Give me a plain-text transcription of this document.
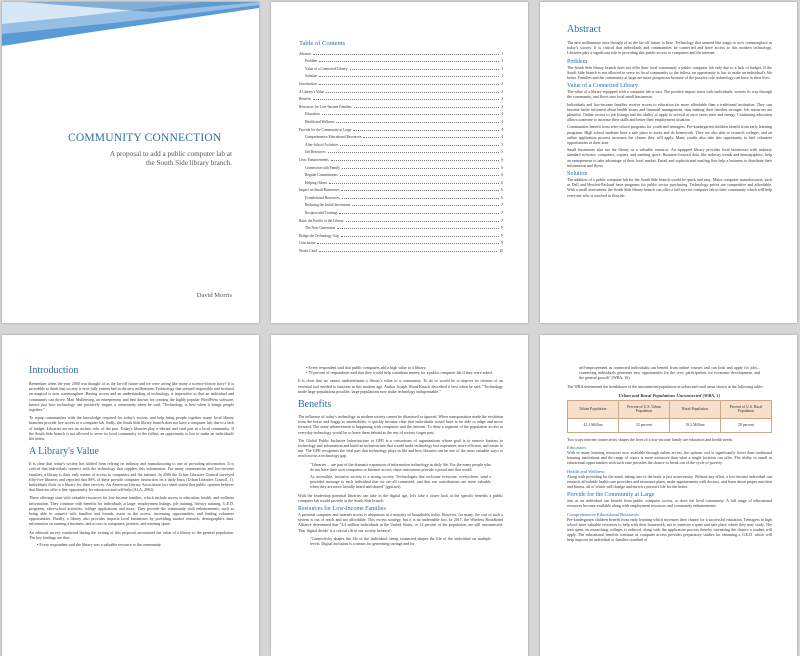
COMMUNITY CONNECTION
A proposal to add a public computer lab at
the South Side library branch.
David Morris
Table of Contents
Abstract	1
Problem	1
Value of a Connected Library	1
Solution	1
Introduction	2
A Library's Value	2
Benefits	3
Resources for Low-Income Families	3
Education	4
Health and Wellness	4
Provide for the Community at Large	4
Comprehensive Educational Resources	4
After-School Activities	5
Job Resources	5
Civic Enhancements	6
Connection with Family	6
Regular Commitments	6
Helping Others	6
Impact on Small Businesses	6
Foundational Resources	6
Reducing the Initial Investment	7
Reciprocated Training	7
Raise the Profile of the Library	7
The Next Generation	8
Bridge the Technology Gap	8
Conclusion	9
Works Cited	10
Abstract

The new millennium once thought of as the far-off future, is here. Technology that seemed like magic is now commonplace in today's society. It is critical that individuals and communities be connected and have access to this modern technology. Libraries play a significant role in providing this public access to computers and the internet.

Problem

The South Side library branch does not offer their local community a public computer lab only due to a lack of budget. If the South Side branch is not allowed to serve its local community to the fullest, an opportunity is lost to make an individual's life better. Families and the community at large are more prosperous because of the positive role technology can have in their lives.

Value of a Connected Library

The value of a library equipped with a computer lab is vast. The positive impact starts with individuals, weaves its way through the community, and flows into local small businesses.

Individuals and low-income families receive access to education far more affordable than a traditional institution. They can become better informed about health issues and financial management, thus making their families stronger. Job resources are plentiful. Online access to job listings and the ability to apply to several at once saves time and energy. Continuing education allows someone to increase their skills and better their employment situation.

Communities benefit from after-school programs for youth and teenagers. Pre-kindergarten children benefit from early learning programs. High school students have a safe place to study and do homework. They are also able to research colleges, and an online application process increases the chance they will apply. Many youths also take this opportunity to find volunteer opportunities in their area.

Small businesses also see the library as a valuable resource. An equipped library provides local businesses with industry standard software, computers, copiers, and meeting space. Business-focused data, like industry trends and demographics, help an entrepreneur to take advantage of their local market. Email and sophisticated mailing lists help a business to distribute their information and flyers.

Solution

The addition of a public computer lab for the South Side branch would be quick and easy. Major computer manufacturers, such as Dell and Hewlett-Packard have programs for public sector purchasing. Technology prices are competitive and affordable. With a small investment, the South Side library branch can offer a full-service computer lab to their community which will help everyone who is touched to flourish.

Introduction

Remember when the year 2000 was thought of as the far-off future and we were acting like many a science-fiction story? It is incredible to think that society is now fully entrenched in the new millennium. Technology that seemed impossible and fictional on magical is now commonplace. Having access and an understanding of technology is imperative so that an individual and community can thrive. Matt Mullenweg, an entrepreneur and best known for creating the highly popular WordPress software, knows just how technology can positively impact a community when he said, "Technology is best when it brings people together."

To equip communities with the knowledge required for today's society and help bring people together many local library branches provide free access to a computer lab. Sadly, the South Side library branch does not have a computer lab, due to a lack of budget. Libraries are not an archaic relic of the past. Today's libraries play a vibrant and vital part in a local community. If the South Side branch is not allowed to serve its local community to the fullest, an opportunity is lost to make an individual's life better.

A Library's Value

It is clear that today's society has shifted from relying on industry and manufacturing to one of providing information. It is critical that individuals connect with the technology that supplies this information. For many communities and low-income families, a library is their only means of access to computers and the internet. In 2006 the Urban Libraries Council surveyed fifty-five libraries and reported that 80% of these provide computer instruction on a daily basis (Urban Libraries Council, 1). Individuals flock to a library for their services. An American Library Association fact sheet stated that public opinion believes that libraries offer a fine opportunity for education and self-help (ALA, 2002).

These offerings start with valuable resources for low-income families, which include access to education, health, and wellness information. They continue with benefits for individuals at large: employment listings, job training, literacy training, G.E.D. programs, after-school activities, college applications and more. They provide the community with enhancements, such as being able to connect with families and friends, assist in the access, increasing opportunities, and finding volunteer opportunities. Finally, a library also provides impacts local businesses by providing market research, demographics data, information on running a business, and access to computers, printers, and meeting space.

An editorial survey conducted during the writing of this proposal ascertained the value of a library to the general population. The key findings are that:

• Every respondent said the library was a valuable resource to the community.

• Every respondent said that public computers add a high value to a library.

• 70 percent of respondents said that they would help contribute money for a public computer lab if they were asked.

It is clear that we cannot underestimate a library's value to a community. To do so would be to deprive its citizens of an essential tool needed to function in this modern age. Author Joseph Wood Krutch described it best when he said, "Technology made large populations possible; large populations now make technology indispensable."

Benefits

The influence of today's technology in modern society cannot be dismissed or ignored. When transportation made the evolution from the horse and buggy to automobiles, it quickly became clear that individuals would have to be able to adapt and move forward. The same advancement is happening with computers and the internet. To deny a segment of the population access to everyday technology would be to leave them behind as the rest of society forges past.

The Global Public Inclusive Infrastructure or GPII is a consortium of organizations whose goal is to remove barriers to technology and information and build an infrastructure that would make technology less expensive, more efficient, and easier to use. The GPII recognizes the vital part that technology plays in life and how libraries can be one of the most valuable ways to reach across a technology gap.

"Libraries ... are part of the dramatic expansion of information technology in daily life. For the many people who do not have their own computers or Internet access, these institutions provide a portal into that world.

As accessible, inclusive society is a strong society. Technologies that welcome everyone, everywhere, send a powerful message to each individual that we are all connected, and that our contributions are more valuable when they are more broadly heard and shared" (gpii.net).

With the leadership potential libraries can take in the digital age, let's take a closer look at the specific benefits a public computer lab would provide at the South Side branch.

Resources for Low-Income Families

A personal computer and internet access is ubiquitous in a majority of households today. However, for many, the cost of such a system is out of reach and not affordable. This excess strategy, but it is an undeniable fact. In 2017, the Wireless Broadband Alliance determined that "4.4 million individuals in the United States, or 14 percent of the population, are still unconnected. This 'digital divide' is a critical rift in our society because":

"Connectivity shapes the life of the individual: being connected shapes the life of the individual on multiple levels. Digital inclusion is a means for generating savings and for

self-improvement as connected individuals can benefit from online courses and can look and apply for jobs... connecting individuals generates new opportunities for the civic participation, for economic development, and the general growth" (WBA, 16).

The WBA determined the breakdown of the unconnected population in urban and rural areas shown in the following table:

Urban and Rural Populations Unconnected (WBA, 1)
Urban Population	Percent of U.S. Urban Population	Rural Population	Percent of U.S. Rural Population
42.1 Million	22 percent	18.2 Million	28 percent

Two ways internet connectivity shapes the lives of a low-income family are education and health needs.

Education

With so many learning resources now available through online access, the upfront cost is significantly lower than traditional learning institutions and the range of topics is more extensive than what a single location can offer. The ability to enroll in educational opportunities with such ease provides the chance to break out of the cycle of poverty.

Health and Wellness

Along with providing for the mind, taking care of the body is just as necessary. Without any effort, a low-income individual can research affordable health care providers and insurance plans, make appointments with doctors, and learn about proper nutrition and fitness, all of which will change and enrich a person's life for the better.

Provide for the Community at Large

Just as an individual can benefit from public computer access, so does the local community. A full range of educational resources become available along with employment resources and community enhancements.

Comprehensive Educational Resources

Pre-kindergarten children benefit from early learning which increases their chance for a successful education. Teenagers in high school have valuable resources to help with their homework, not to mention a quiet and safe place where they may study. The teen spent on researching colleges is reduced, along with the application process thereby increasing the chance a student will apply. The educational benefits continue as computer access provides preparatory studies for obtaining a G.E.D. which will help improve an individual or families standard of
